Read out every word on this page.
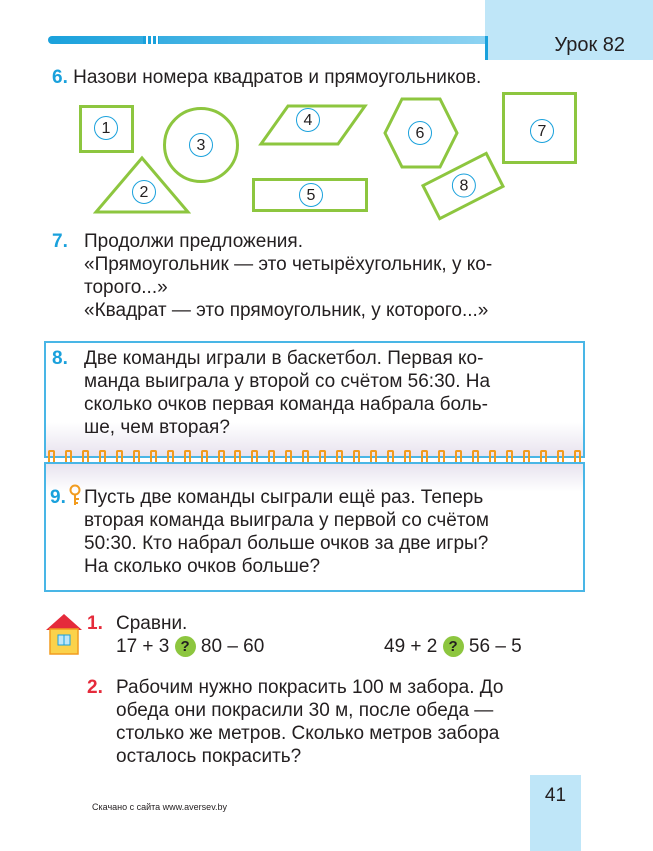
Урок 82
6. Назови номера квадратов и прямоугольников.
1
2
3
4
5
6	7
8
7. Продолжи предложения.
«Прямоугольник — это четырёхугольник, у ко-
торого...»
«Квадрат — это прямоугольник, у которого...»
8. Две команды играли в баскетбол. Первая ко-
манда выиграла у второй со счётом 56:30. На
сколько очков первая команда набрала боль-
ше, чем вторая?
9. Пусть две команды сыграли ещё раз. Теперь
вторая команда выиграла у первой со счётом
50:30. Кто набрал больше очков за две игры?
На сколько очков больше?
1. Сравни.
17 + 3 ? 80 – 60	49 + 2 ? 56 – 5
2. Рабочим нужно покрасить 100 м забора. До
обеда они покрасили 30 м, после обеда —
столько же метров. Сколько метров забора
осталось покрасить?
Скачано с сайта www.aversev.by
41
